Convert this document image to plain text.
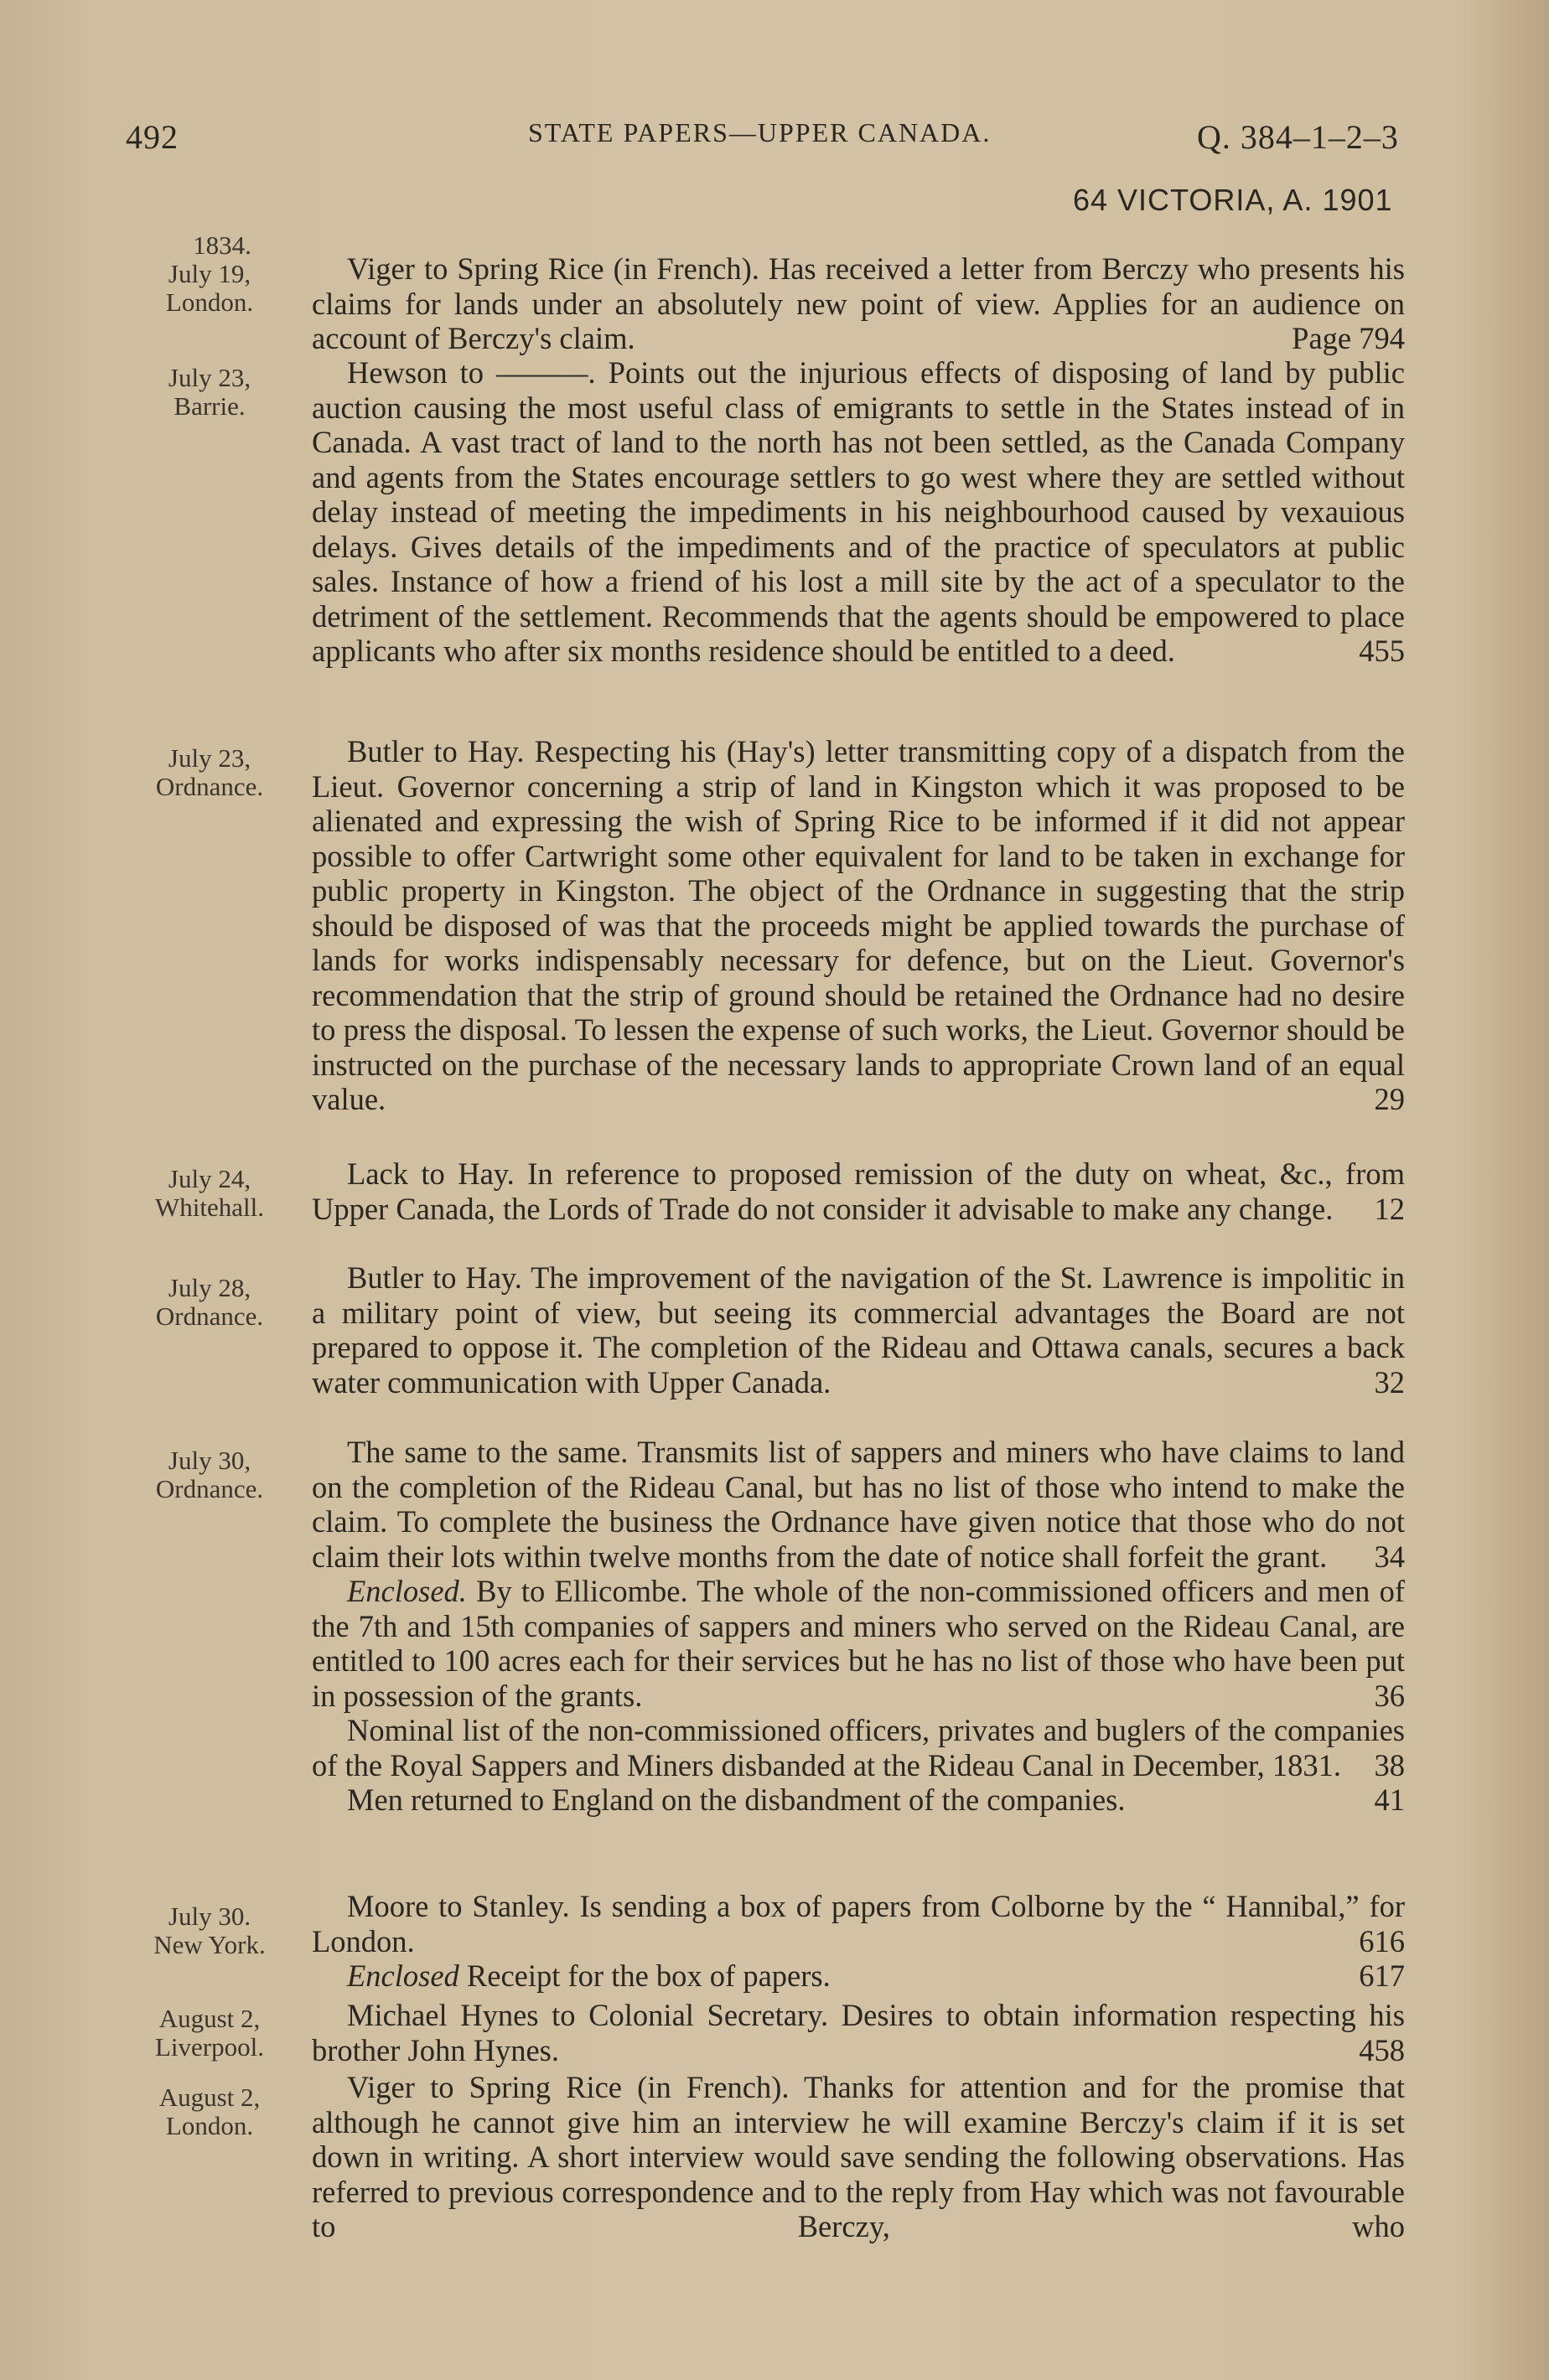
492	STATE PAPERS—UPPER CANADA.	Q. 384–1–2–3
64 VICTORIA, A. 1901
1834.
July 19,
London.

Viger to Spring Rice (in French). Has received a letter from Berczy who presents his claims for lands under an absolutely new point of view. Applies for an audience on account of Berczy's claim.	Page 794

July 23,
Barrie.

Hewson to ———. Points out the injurious effects of disposing of land by public auction causing the most useful class of emigrants to settle in the States instead of in Canada. A vast tract of land to the north has not been settled, as the Canada Company and agents from the States encourage settlers to go west where they are settled without delay instead of meeting the impediments in his neighbourhood caused by vexauious delays. Gives details of the impediments and of the practice of speculators at public sales. Instance of how a friend of his lost a mill site by the act of a speculator to the detriment of the settlement. Recommends that the agents should be empowered to place applicants who after six months residence should be entitled to a deed.	455

July 23,
Ordnance.

Butler to Hay. Respecting his (Hay's) letter transmitting copy of a dispatch from the Lieut. Governor concerning a strip of land in Kingston which it was proposed to be alienated and expressing the wish of Spring Rice to be informed if it did not appear possible to offer Cartwright some other equivalent for land to be taken in exchange for public property in Kingston. The object of the Ordnance in suggesting that the strip should be disposed of was that the proceeds might be applied towards the purchase of lands for works indispensably necessary for defence, but on the Lieut. Governor's recommendation that the strip of ground should be retained the Ordnance had no desire to press the disposal. To lessen the expense of such works, the Lieut. Governor should be instructed on the purchase of the necessary lands to appropriate Crown land of an equal value.	29

July 24,
Whitehall.

Lack to Hay. In reference to proposed remission of the duty on wheat, &c., from Upper Canada, the Lords of Trade do not consider it advisable to make any change. 12

July 28,
Ordnance.

Butler to Hay. The improvement of the navigation of the St. Lawrence is impolitic in a military point of view, but seeing its commercial advantages the Board are not prepared to oppose it. The completion of the Rideau and Ottawa canals, secures a back water communication with Upper Canada.	32

July 30,
Ordnance.

The same to the same. Transmits list of sappers and miners who have claims to land on the completion of the Rideau Canal, but has no list of those who intend to make the claim. To complete the business the Ordnance have given notice that those who do not claim their lots within twelve months from the date of notice shall forfeit the grant. 34

Enclosed. By to Ellicombe. The whole of the non-commissioned officers and men of the 7th and 15th companies of sappers and miners who served on the Rideau Canal, are entitled to 100 acres each for their services but he has no list of those who have been put in possession of the grants.	36

Nominal list of the non-commissioned officers, privates and buglers of the companies of the Royal Sappers and Miners disbanded at the Rideau Canal in December, 1831. 38

Men returned to England on the disbandment of the companies.	41

July 30.
New York.

Moore to Stanley. Is sending a box of papers from Colborne by the “ Hannibal,” for London.	616

Enclosed Receipt for the box of papers.	617

August 2,
Liverpool.

Michael Hynes to Colonial Secretary. Desires to obtain information respecting his brother John Hynes.	458

August 2,
London.

Viger to Spring Rice (in French). Thanks for attention and for the promise that although he cannot give him an interview he will examine Berczy's claim if it is set down in writing. A short interview would save sending the following observations. Has referred to previous correspondence and to the reply from Hay which was not favourable to Berczy, who
